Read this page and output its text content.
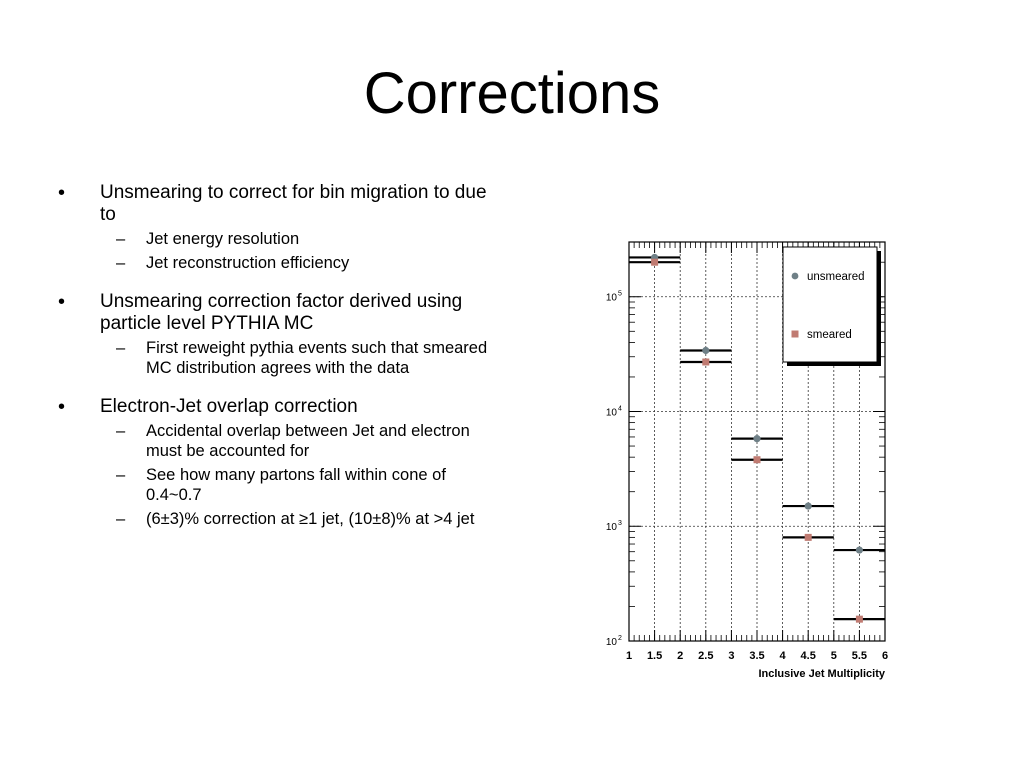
Corrections
• Unsmearing to correct for bin migration to due to
– Jet energy resolution
– Jet reconstruction efficiency
• Unsmearing correction factor derived using particle level PYTHIA MC
– First reweight pythia events such that smeared MC distribution agrees with the data
• Electron-Jet overlap correction
– Accidental overlap between Jet and electron must be accounted for
– See how many partons fall within cone of 0.4~0.7
– (6±3)% correction at ≥1 jet, (10±8)% at >4 jet
1 1.5 2 2.5 3 3.5 4 4.5 5 5.5 6
10 2
10 3
10 4
10 5
unsmeared
smeared
Inclusive Jet Multiplicity
